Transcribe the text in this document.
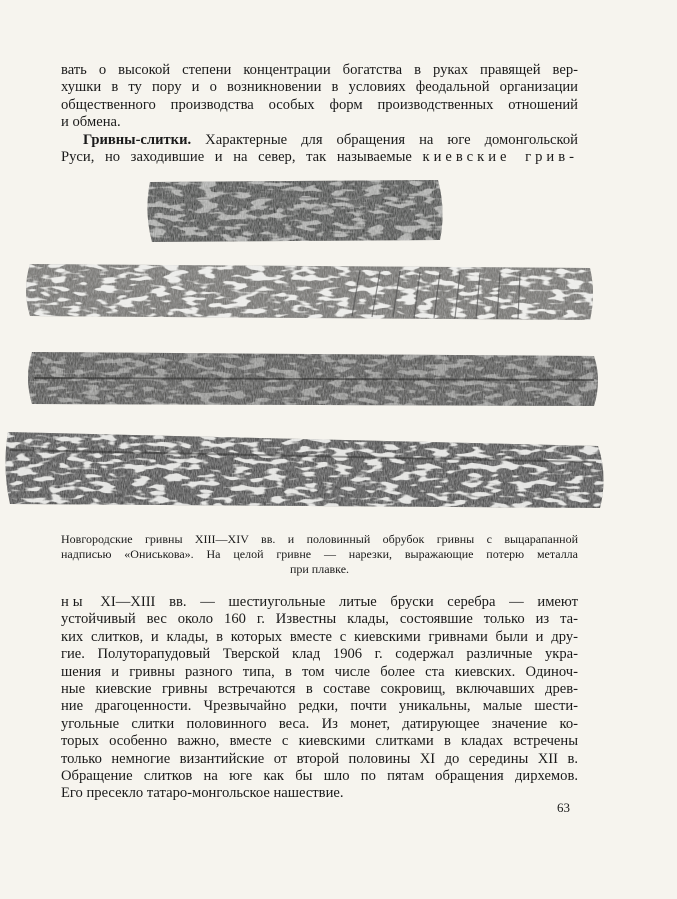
вать о высокой степени концентрации богатства в руках правящей вер-
хушки в ту пору и о возникновении в условиях феодальной организации
общественного производства особых форм производственных отношений
и обмена.
Гривны-слитки. Характерные для обращения на юге домонгольской
Руси, но заходившие и на север, так называемые киевские грив-
Новгородские гривны XIII—XIV вв. и половинный обрубок гривны с выцарапанной
надписью «Ониськова». На целой гривне — нарезки, выражающие потерю металла
при плавке.
ны XI—XIII вв. — шестиугольные литые бруски серебра — имеют
устойчивый вес около 160 г. Известны клады, состоявшие только из та-
ких слитков, и клады, в которых вместе с киевскими гривнами были и дру-
гие. Полуторапудовый Тверской клад 1906 г. содержал различные укра-
шения и гривны разного типа, в том числе более ста киевских. Одиноч-
ные киевские гривны встречаются в составе сокровищ, включавших древ-
ние драгоценности. Чрезвычайно редки, почти уникальны, малые шести-
угольные слитки половинного веса. Из монет, датирующее значение ко-
торых особенно важно, вместе с киевскими слитками в кладах встречены
только немногие византийские от второй половины XI до середины XII в.
Обращение слитков на юге как бы шло по пятам обращения дирхемов.
Его пресекло татаро-монгольское нашествие.
63
